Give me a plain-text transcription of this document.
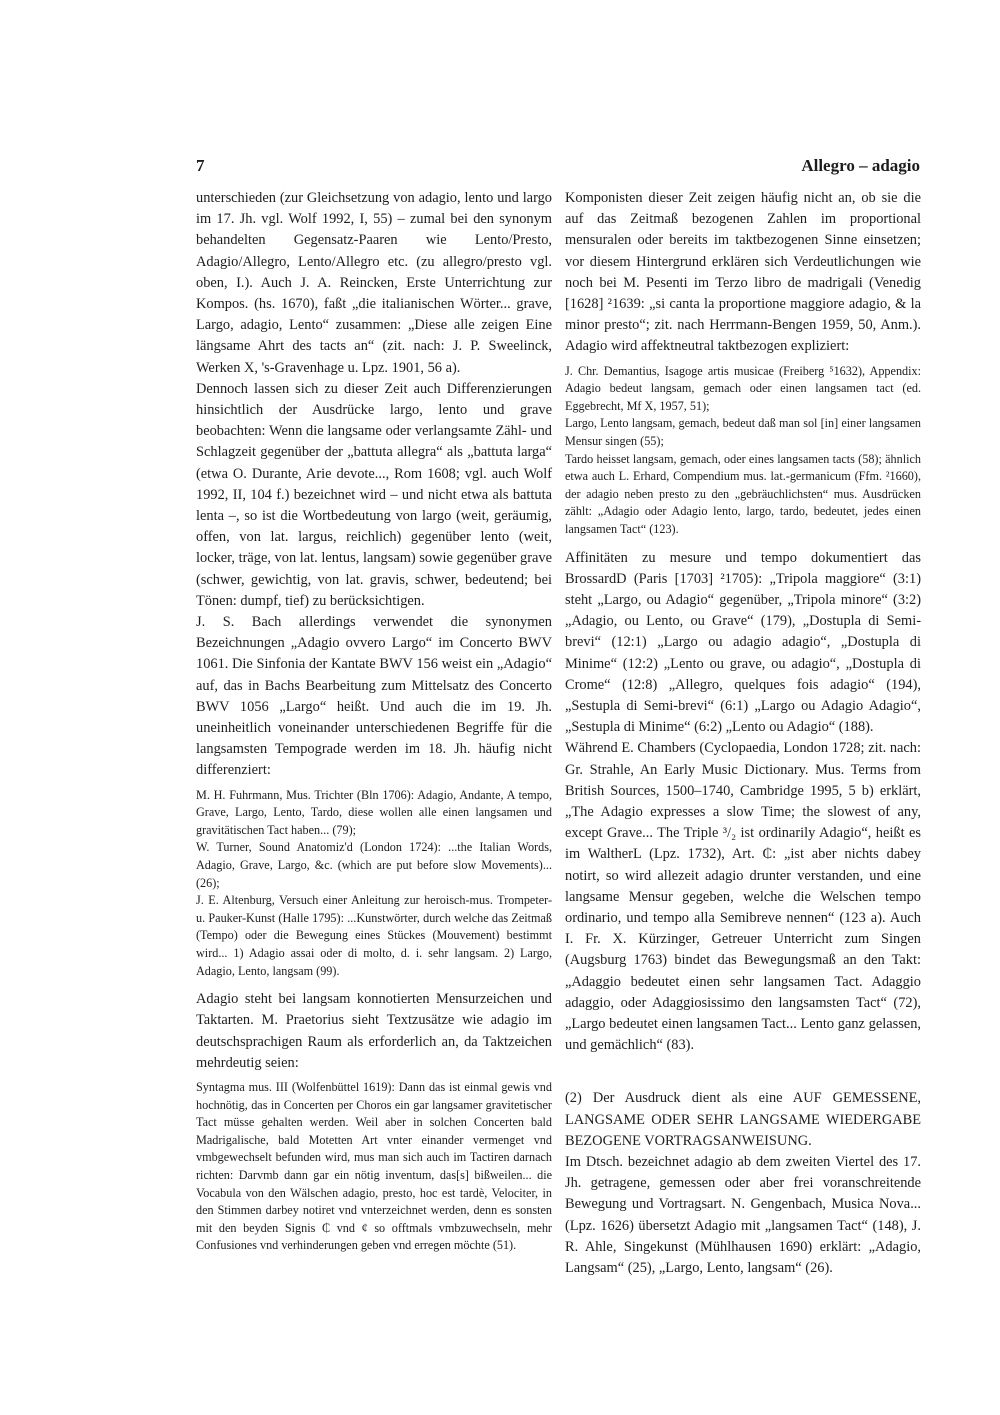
7	Allegro – adagio

unterschieden (zur Gleichsetzung von adagio, lento und largo im 17. Jh. vgl. Wolf 1992, I, 55) – zumal bei den synonym behandelten Gegensatz-Paaren wie Lento/Presto, Adagio/Allegro, Lento/Allegro etc. (zu allegro/presto vgl. oben, I.). Auch J. A. Reincken, Erste Unterrichtung zur Kompos. (hs. 1670), faßt „die italianischen Wörter... grave, Largo, adagio, Lento“ zusammen: „Diese alle zeigen Eine längsame Ahrt des tacts an“ (zit. nach: J. P. Sweelinck, Werken X, 's-Gravenhage u. Lpz. 1901, 56 a).

Dennoch lassen sich zu dieser Zeit auch Differenzierungen hinsichtlich der Ausdrücke largo, lento und grave beobachten: Wenn die langsame oder verlangsamte Zähl- und Schlagzeit gegenüber der „battuta allegra“ als „battuta larga“ (etwa O. Durante, Arie devote..., Rom 1608; vgl. auch Wolf 1992, II, 104 f.) bezeichnet wird – und nicht etwa als battuta lenta –, so ist die Wortbedeutung von largo (weit, geräumig, offen, von lat. largus, reichlich) gegenüber lento (weit, locker, träge, von lat. lentus, langsam) sowie gegenüber grave (schwer, gewichtig, von lat. gravis, schwer, bedeutend; bei Tönen: dumpf, tief) zu berücksichtigen.

J. S. Bach allerdings verwendet die synonymen Bezeichnungen „Adagio ovvero Largo“ im Concerto BWV 1061. Die Sinfonia der Kantate BWV 156 weist ein „Adagio“ auf, das in Bachs Bearbeitung zum Mittelsatz des Concerto BWV 1056 „Largo“ heißt. Und auch die im 19. Jh. uneinheitlich voneinander unterschiedenen Begriffe für die langsamsten Tempograde werden im 18. Jh. häufig nicht differenziert:

M. H. Fuhrmann, Mus. Trichter (Bln 1706): Adagio, Andante, A tempo, Grave, Largo, Lento, Tardo, diese wollen alle einen langsamen und gravitätischen Tact haben... (79);

W. Turner, Sound Anatomiz'd (London 1724): ...the Italian Words, Adagio, Grave, Largo, &c. (which are put before slow Movements)... (26);

J. E. Altenburg, Versuch einer Anleitung zur heroisch-mus. Trompeter- u. Pauker-Kunst (Halle 1795): ...Kunstwörter, durch welche das Zeitmaß (Tempo) oder die Bewegung eines Stückes (Mouvement) bestimmt wird... 1) Adagio assai oder di molto, d. i. sehr langsam. 2) Largo, Adagio, Lento, langsam (99).

Adagio steht bei langsam konnotierten Mensurzeichen und Taktarten. M. Praetorius sieht Textzusätze wie adagio im deutschsprachigen Raum als erforderlich an, da Taktzeichen mehrdeutig seien:

Syntagma mus. III (Wolfenbüttel 1619): Dann das ist einmal gewis vnd hochnötig, das in Concerten per Choros ein gar langsamer gravitetischer Tact müsse gehalten werden. Weil aber in solchen Concerten bald Madrigalische, bald Motetten Art vnter einander vermenget vnd vmbgewechselt befunden wird, mus man sich auch im Tactiren darnach richten: Darvmb dann gar ein nötig inventum, das[s] bißweilen... die Vocabula von den Wälschen adagio, presto, hoc est tardè, Velociter, in den Stimmen darbey notiret vnd vnterzeichnet werden, denn es sonsten mit den beyden Signis ₵ vnd ¢ so offtmals vmbzuwechseln, mehr Confusiones vnd verhinderungen geben vnd erregen möchte (51).

Komponisten dieser Zeit zeigen häufig nicht an, ob sie die auf das Zeitmaß bezogenen Zahlen im proportional mensuralen oder bereits im taktbezogenen Sinne einsetzen; vor diesem Hintergrund erklären sich Verdeutlichungen wie noch bei M. Pesenti im Terzo libro de madrigali (Venedig [1628] ²1639: „si canta la proportione maggiore adagio, & la minor presto“; zit. nach Herrmann-Bengen 1959, 50, Anm.). Adagio wird affektneutral taktbezogen expliziert:

J. Chr. Demantius, Isagoge artis musicae (Freiberg ⁵1632), Appendix: Adagio bedeut langsam, gemach oder einen langsamen tact (ed. Eggebrecht, Mf X, 1957, 51);

Largo, Lento langsam, gemach, bedeut daß man sol [in] einer langsamen Mensur singen (55);

Tardo heisset langsam, gemach, oder eines langsamen tacts (58); ähnlich etwa auch L. Erhard, Compendium mus. lat.-germanicum (Ffm. ²1660), der adagio neben presto zu den „gebräuchlichsten“ mus. Ausdrücken zählt: „Adagio oder Adagio lento, largo, tardo, bedeutet, jedes einen langsamen Tact“ (123).

Affinitäten zu mesure und tempo dokumentiert das BrossardD (Paris [1703] ²1705): „Tripola maggiore“ (3:1) steht „Largo, ou Adagio“ gegenüber, „Tripola minore“ (3:2) „Adagio, ou Lento, ou Grave“ (179), „Dostupla di Semi-brevi“ (12:1) „Largo ou adagio adagio“, „Dostupla di Minime“ (12:2) „Lento ou grave, ou adagio“, „Dostupla di Crome“ (12:8) „Allegro, quelques fois adagio“ (194), „Sestupla di Semi-brevi“ (6:1) „Largo ou Adagio Adagio“, „Sestupla di Minime“ (6:2) „Lento ou Adagio“ (188).

Während E. Chambers (Cyclopaedia, London 1728; zit. nach: Gr. Strahle, An Early Music Dictionary. Mus. Terms from British Sources, 1500–1740, Cambridge 1995, 5 b) erklärt, „The Adagio expresses a slow Time; the slowest of any, except Grave... The Triple ³/₂ ist ordinarily Adagio“, heißt es im WaltherL (Lpz. 1732), Art. ₵: „ist aber nichts dabey notirt, so wird allezeit adagio drunter verstanden, und eine langsame Mensur gegeben, welche die Welschen tempo ordinario, und tempo alla Semibreve nennen“ (123 a). Auch I. Fr. X. Kürzinger, Getreuer Unterricht zum Singen (Augsburg 1763) bindet das Bewegungsmaß an den Takt: „Adaggio bedeutet einen sehr langsamen Tact. Adaggio adaggio, oder Adaggiosissimo den langsamsten Tact“ (72), „Largo bedeutet einen langsamen Tact... Lento ganz gelassen, und gemächlich“ (83).

(2) Der Ausdruck dient als eine AUF GEMESSENE, LANGSAME ODER SEHR LANGSAME WIEDERGABE BEZOGENE VORTRAGSANWEISUNG.

Im Dtsch. bezeichnet adagio ab dem zweiten Viertel des 17. Jh. getragene, gemessen oder aber frei voranschreitende Bewegung und Vortragsart. N. Gengenbach, Musica Nova... (Lpz. 1626) übersetzt Adagio mit „langsamen Tact“ (148), J. R. Ahle, Singekunst (Mühlhausen 1690) erklärt: „Adagio, Langsam“ (25), „Largo, Lento, langsam“ (26).
